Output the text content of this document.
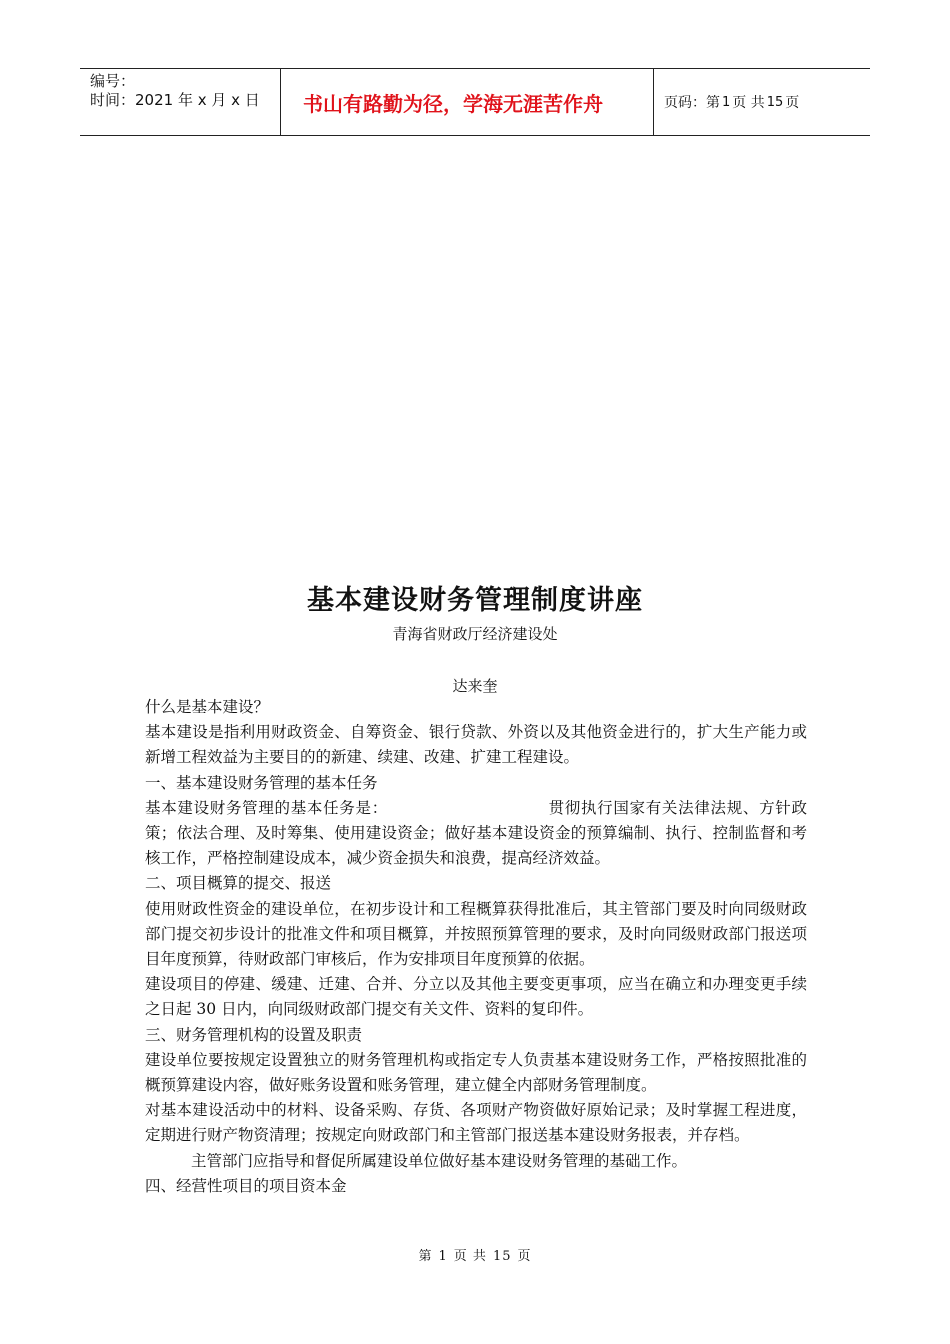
编号：
时间：2021 年 x 月 x 日	书山有路勤为径，学海无涯苦作舟	页码：第 1 页 共 15 页
基本建设财务管理制度讲座
青海省财政厅经济建设处
达来奎

什么是基本建设？

基本建设是指利用财政资金、自筹资金、银行贷款、外资以及其他资金进行的，扩大生产能力或新增工程效益为主要目的的新建、续建、改建、扩建工程建设。

一、基本建设财务管理的基本任务

基本建设财务管理的基本任务是：	贯彻执行国家有关法律法规、方针政策；依法合理、及时筹集、使用建设资金；做好基本建设资金的预算编制、执行、控制监督和考核工作，严格控制建设成本，减少资金损失和浪费，提高经济效益。

二、项目概算的提交、报送

使用财政性资金的建设单位，在初步设计和工程概算获得批准后，其主管部门要及时向同级财政部门提交初步设计的批准文件和项目概算，并按照预算管理的要求，及时向同级财政部门报送项目年度预算，待财政部门审核后，作为安排项目年度预算的依据。

建设项目的停建、缓建、迁建、合并、分立以及其他主要变更事项，应当在确立和办理变更手续之日起 30 日内，向同级财政部门提交有关文件、资料的复印件。

三、财务管理机构的设置及职责

建设单位要按规定设置独立的财务管理机构或指定专人负责基本建设财务工作，严格按照批准的概预算建设内容，做好账务设置和账务管理，建立健全内部财务管理制度。

对基本建设活动中的材料、设备采购、存货、各项财产物资做好原始记录；及时掌握工程进度，定期进行财产物资清理；按规定向财政部门和主管部门报送基本建设财务报表，并存档。

主管部门应指导和督促所属建设单位做好基本建设财务管理的基础工作。

四、经营性项目的项目资本金

第 1 页 共 15 页
